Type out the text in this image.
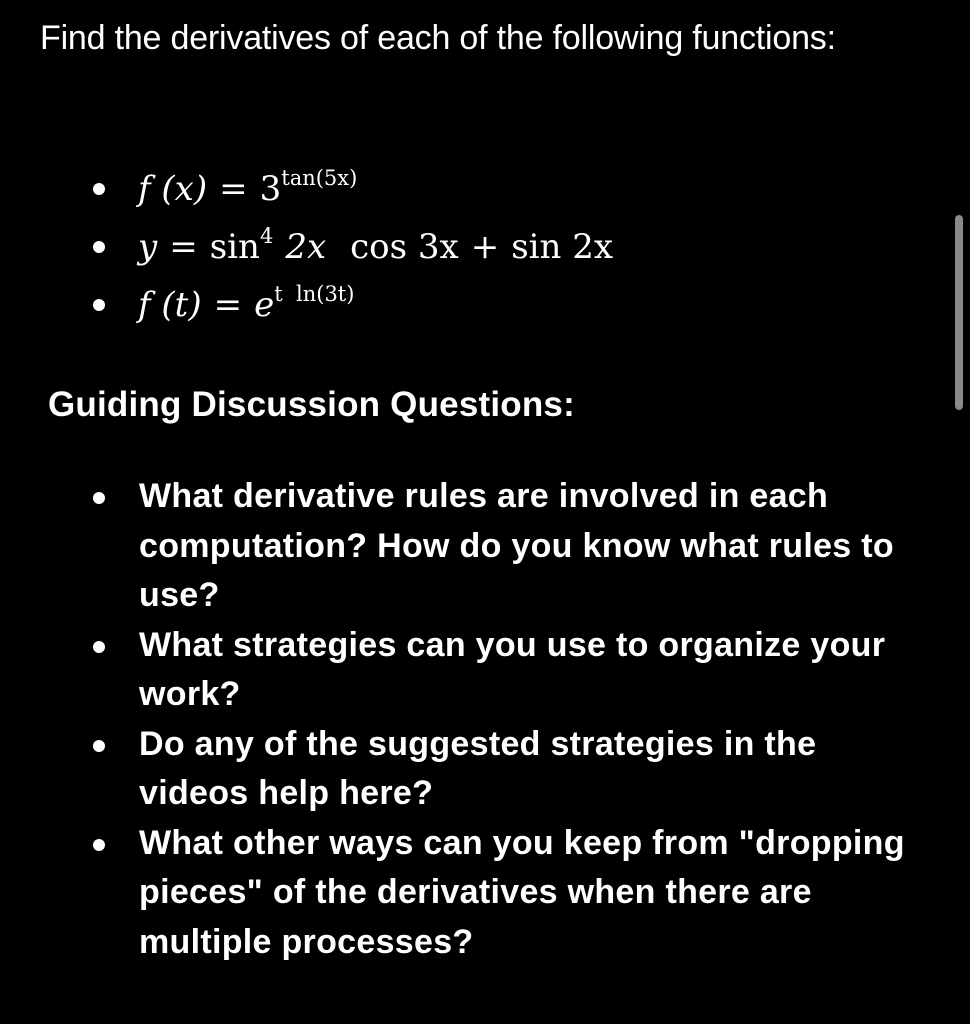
Find the derivatives of each of the following functions:
f $(x) = 3^{tan(5x)}$
$y = \sin^4 2x$ cos 3x + sin 2x
f $(t) = e^{t ln(3t)}$
Guiding Discussion Questions:
What derivative rules are involved in each computation? How do you know what rules to use?
What strategies can you use to organize your work?
Do any of the suggested strategies in the videos help here?
What other ways can you keep from "dropping pieces" of the derivatives when there are multiple processes?
